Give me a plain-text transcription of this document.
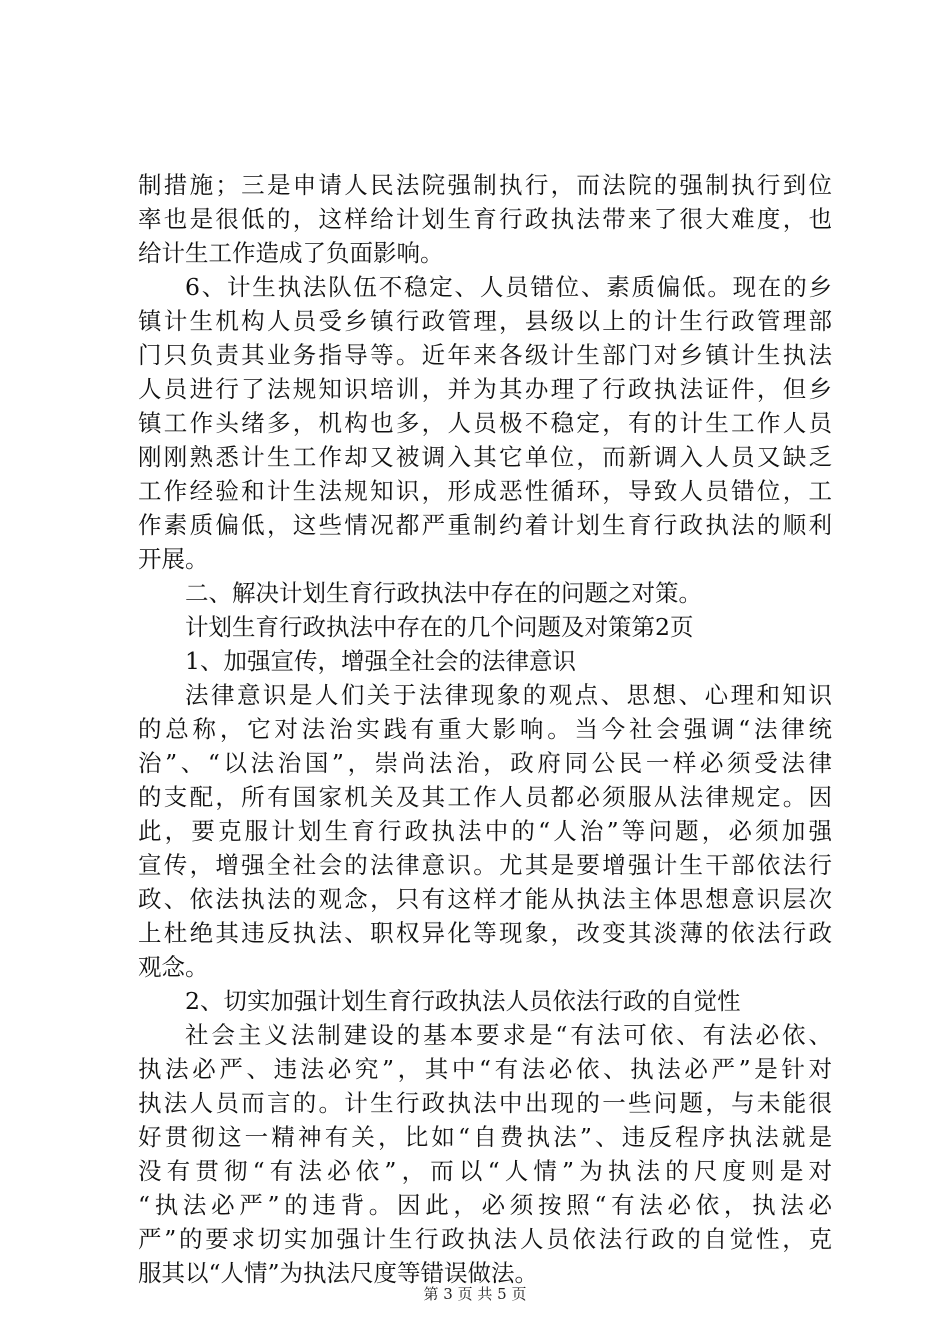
制措施；三是申请人民法院强制执行，而法院的强制执行到位
率也是很低的，这样给计划生育行政执法带来了很大难度，也
给计生工作造成了负面影响。
6、计生执法队伍不稳定、人员错位、素质偏低。现在的乡
镇计生机构人员受乡镇行政管理，县级以上的计生行政管理部
门只负责其业务指导等。近年来各级计生部门对乡镇计生执法
人员进行了法规知识培训，并为其办理了行政执法证件，但乡
镇工作头绪多，机构也多，人员极不稳定，有的计生工作人员
刚刚熟悉计生工作却又被调入其它单位，而新调入人员又缺乏
工作经验和计生法规知识，形成恶性循环，导致人员错位，工
作素质偏低，这些情况都严重制约着计划生育行政执法的顺利
开展。
二、解决计划生育行政执法中存在的问题之对策。
计划生育行政执法中存在的几个问题及对策第2页
1、加强宣传，增强全社会的法律意识
法律意识是人们关于法律现象的观点、思想、心理和知识
的总称，它对法治实践有重大影响。当今社会强调“法律统
治”、“以法治国”，崇尚法治，政府同公民一样必须受法律
的支配，所有国家机关及其工作人员都必须服从法律规定。因
此，要克服计划生育行政执法中的“人治”等问题，必须加强
宣传，增强全社会的法律意识。尤其是要增强计生干部依法行
政、依法执法的观念，只有这样才能从执法主体思想意识层次
上杜绝其违反执法、职权异化等现象，改变其淡薄的依法行政
观念。
2、切实加强计划生育行政执法人员依法行政的自觉性
社会主义法制建设的基本要求是“有法可依、有法必依、
执法必严、违法必究”，其中“有法必依、执法必严”是针对
执法人员而言的。计生行政执法中出现的一些问题，与未能很
好贯彻这一精神有关，比如“自费执法”、违反程序执法就是
没有贯彻“有法必依”，而以“人情”为执法的尺度则是对
“执法必严”的违背。因此，必须按照“有法必依，执法必
严”的要求切实加强计生行政执法人员依法行政的自觉性，克
服其以“人情”为执法尺度等错误做法。
第 3 页 共 5 页
